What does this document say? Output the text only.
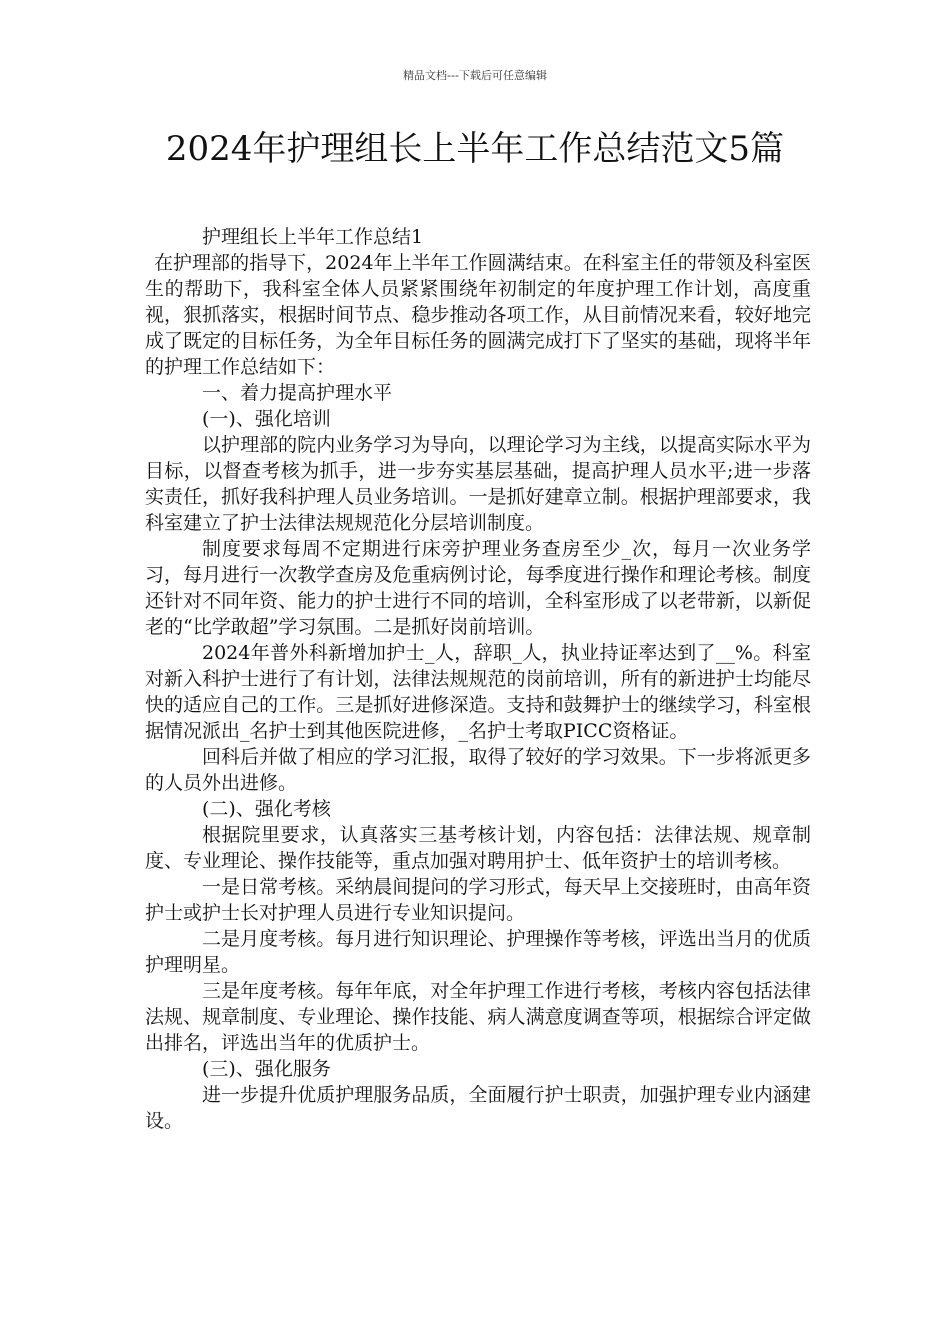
精品文档---下载后可任意编辑
2024年护理组长上半年工作总结范文5篇

护理组长上半年工作总结1

在护理部的指导下，2024年上半年工作圆满结束。在科室主任的带领及科室医生的帮助下，我科室全体人员紧紧围绕年初制定的年度护理工作计划，高度重视，狠抓落实，根据时间节点、稳步推动各项工作，从目前情况来看，较好地完成了既定的目标任务，为全年目标任务的圆满完成打下了坚实的基础，现将半年的护理工作总结如下：

一、着力提高护理水平

(一)、强化培训

以护理部的院内业务学习为导向，以理论学习为主线，以提高实际水平为目标，以督查考核为抓手，进一步夯实基层基础，提高护理人员水平;进一步落实责任，抓好我科护理人员业务培训。一是抓好建章立制。根据护理部要求，我科室建立了护士法律法规规范化分层培训制度。

制度要求每周不定期进行床旁护理业务查房至少_次，每月一次业务学习，每月进行一次教学查房及危重病例讨论，每季度进行操作和理论考核。制度还针对不同年资、能力的护士进行不同的培训，全科室形成了以老带新，以新促老的“比学敢超”学习氛围。二是抓好岗前培训。

2024年普外科新增加护士_人，辞职_人，执业持证率达到了__%。科室对新入科护士进行了有计划，法律法规规范的岗前培训，所有的新进护士均能尽快的适应自己的工作。三是抓好进修深造。支持和鼓舞护士的继续学习，科室根据情况派出_名护士到其他医院进修，_名护士考取PICC资格证。

回科后并做了相应的学习汇报，取得了较好的学习效果。下一步将派更多的人员外出进修。

(二)、强化考核

根据院里要求，认真落实三基考核计划，内容包括：法律法规、规章制度、专业理论、操作技能等，重点加强对聘用护士、低年资护士的培训考核。

一是日常考核。采纳晨间提问的学习形式，每天早上交接班时，由高年资护士或护士长对护理人员进行专业知识提问。

二是月度考核。每月进行知识理论、护理操作等考核，评选出当月的优质护理明星。

三是年度考核。每年年底，对全年护理工作进行考核，考核内容包括法律法规、规章制度、专业理论、操作技能、病人满意度调查等项，根据综合评定做出排名，评选出当年的优质护士。

(三)、强化服务

进一步提升优质护理服务品质，全面履行护士职责，加强护理专业内涵建设。
